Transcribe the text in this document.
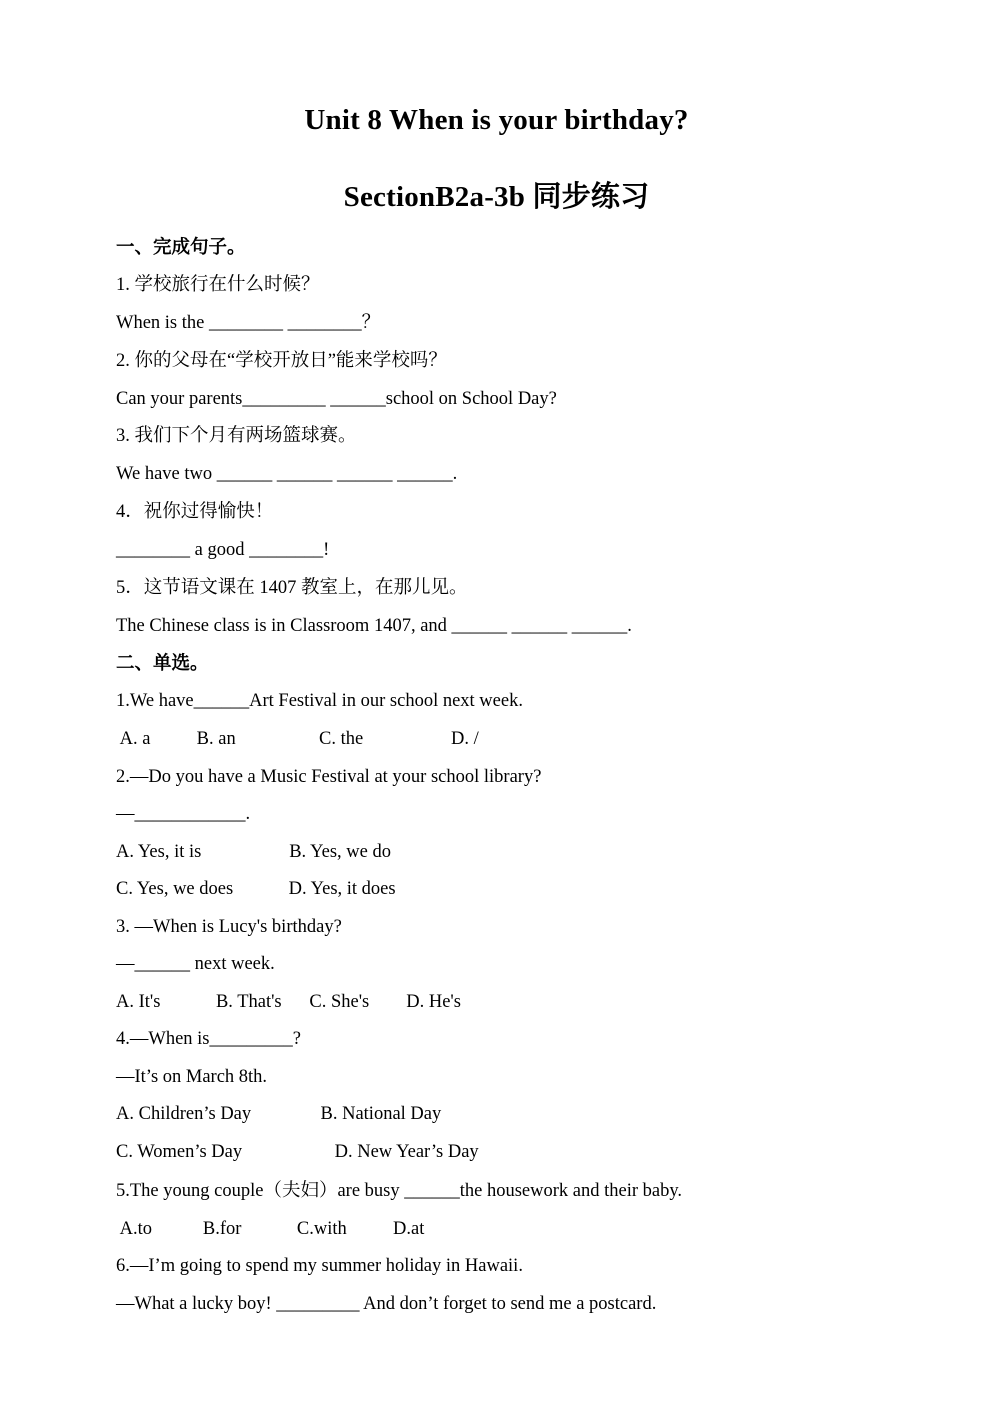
Unit 8 When is your birthday?
SectionB2a-3b 同步练习
一、完成句子。
1. 学校旅行在什么时候？
When is the ________ ________？
2. 你的父母在“学校开放日”能来学校吗？
Can your parents_________ ______school on School Day?
3. 我们下个月有两场篮球赛。
We have two ______ ______ ______ ______.
4．祝你过得愉快！
________ a good ________!
5．这节语文课在 1407 教室上，在那儿见。
The Chinese class is in Classroom 1407, and ______ ______ ______.
二、单选。
1.We have______Art Festival in our school next week.
A. a          B. an                  C. the                   D. /
2.—Do you have a Music Festival at your school library?
—____________.
A. Yes, it is                   B. Yes, we do
C. Yes, we does            D. Yes, it does
3. —When is Lucy's birthday?
—______ next week.
A. It's            B. That's      C. She's        D. He's
4.—When is_________?
—It’s on March 8th.
A. Children’s Day               B. National Day
C. Women’s Day                    D. New Year’s Day
5.The young couple（夫妇）are busy ______the housework and their baby.
A.to           B.for            C.with          D.at
6.—I’m going to spend my summer holiday in Hawaii.
—What a lucky boy! _________ And don’t forget to send me a postcard.
